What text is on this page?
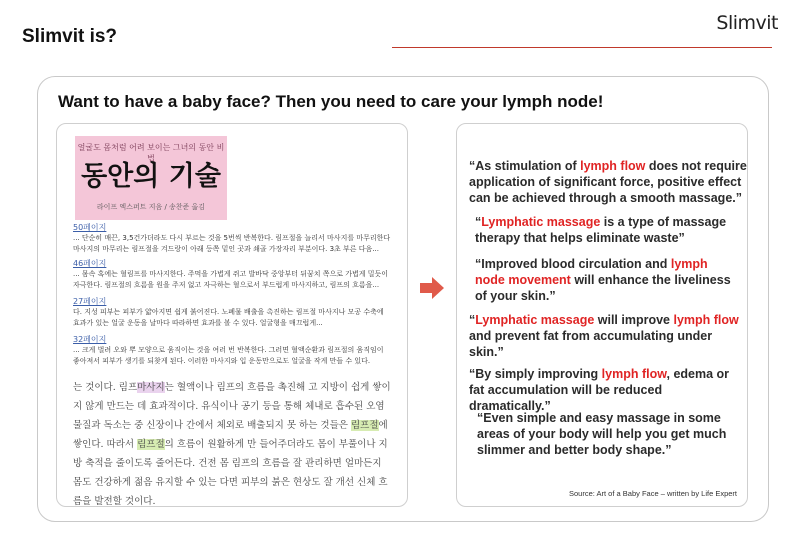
Slimvit
Slimvit is?
Want to have a baby face? Then you need to care your lymph node!
얼굴도 몸처럼 어려 보이는 그녀의 동안 비법
동안의 기술
라이프 엑스퍼트 지음 / 송찬준 옮김
50페이지
... 단순히 매끈, 3,5건가더라도 다시 부르는 것을 5번씩 반복한다. 림프절을 늘리서 마사지를 마무리한다 마사지의 마무리는 림프절을 겨드랑이 아래 등쪽 밑인 곳과 쇄골 가장자리 부분이다. 3초 부른 다음...
46페이지
... 몸속 혹에는 혈림프를 마사지한다. 주먹을 가볍게 쥐고 발바닥 중앙부터 뒤꿈치 쪽으로 가볍게 밀듯이 자극한다. 림프절의 흐름을 원을 주저 없고 자극하는 혈으로서 부드럽게 마사지하고, 림프의 흐름을...
27페이지
다. 지성 피부는 피부가 얇아지면 쉽게 붉어진다. 노폐물 배출을 촉진하는 림프절 마사지나 모공 수축에 효과가 있는 얼굴 운동을 날마다 따라하면 효과를 볼 수 있다. 얼굴형을 매끄럽게...
32페이지
... 크게 벌려 오와 뿌 모양으로 움직이는 것을 여러 번 반복한다. 그러면 혈액순환과 림프절의 움직임이 좋아져서 피부가 생기를 되찾게 된다. 이러한 마사지와 입 운동만으로도 얼굴을 작게 만들 수 있다.
는 것이다. 림프마사지는 혈액이나 림프의 흐름을 촉진해 고 지방이 쉽게 쌓이지 않게 만드는 데 효과적이다. 유식이나 공기 등을 통해 체내로 흡수된 오염물질과 독소는 중 신장이나 간에서 체외로 배출되지 못 하는 것들은 림프절에 쌓인다. 따라서 림프절의 흐름이 원활하게 만 들어주더라도 몸이 부풀이나 지방 축적을 줄이도록 줄어든다. 건전 몸 림프의 흐름을 잘 관리하면 얼마든지 몸도 건강하게 젊음 유지할 수 있는 다면 피부의 붉은 현상도 잘 개선 신체 흐름을 발전할 것이다.
“As stimulation of lymph flow does not require application of significant force, positive effect can be achieved through a smooth massage.”
“Lymphatic massage is a type of massage therapy that helps eliminate waste”
“Improved blood circulation and lymph node movement will enhance the liveliness of your skin.”
“Lymphatic massage will improve lymph flow and prevent fat from accumulating under skin.”
“By simply improving lymph flow, edema or fat accumulation will be reduced dramatically.”
“Even simple and easy massage in some areas of your body will help you get much slimmer and better body shape.”
Source: Art of a Baby Face – written by Life Expert
